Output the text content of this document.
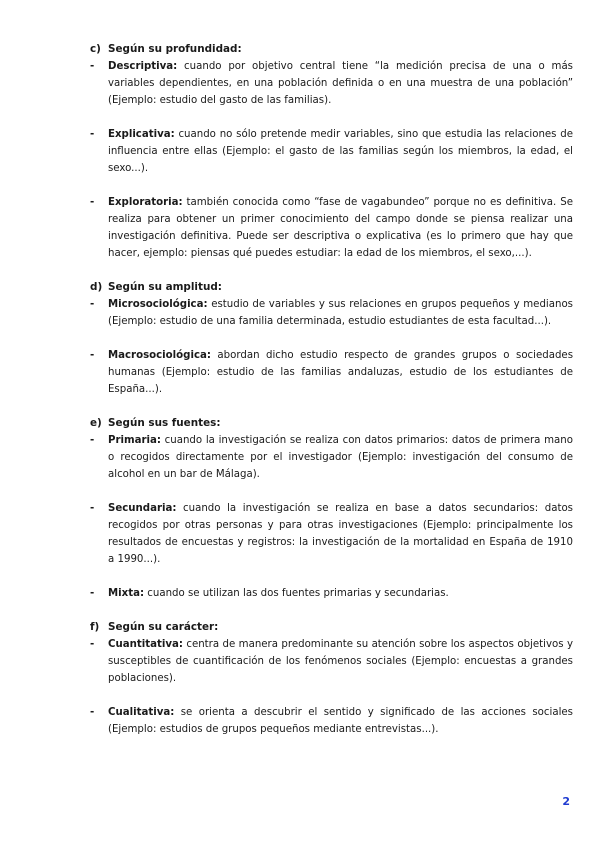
c) Según su profundidad:
-	Descriptiva: cuando por objetivo central tiene “la medición precisa de una o más variables dependientes, en una población definida o en una muestra de una población” (Ejemplo: estudio del gasto de las familias).
-	Explicativa: cuando no sólo pretende medir variables, sino que estudia las relaciones de influencia entre ellas (Ejemplo: el gasto de las familias según los miembros, la edad, el sexo...).
-	Exploratoria: también conocida como “fase de vagabundeo” porque no es definitiva. Se realiza para obtener un primer conocimiento del campo donde se piensa realizar una investigación definitiva. Puede ser descriptiva o explicativa (es lo primero que hay que hacer, ejemplo: piensas qué puedes estudiar: la edad de los miembros, el sexo,...).
d) Según su amplitud:
-	Microsociológica: estudio de variables y sus relaciones en grupos pequeños y medianos (Ejemplo: estudio de una familia determinada, estudio estudiantes de esta facultad...).
-	Macrosociológica: abordan dicho estudio respecto de grandes grupos o sociedades humanas (Ejemplo: estudio de las familias andaluzas, estudio de los estudiantes de España...).
e) Según sus fuentes:
-	Primaria: cuando la investigación se realiza con datos primarios: datos de primera mano o recogidos directamente por el investigador (Ejemplo: investigación del consumo de alcohol en un bar de Málaga).
-	Secundaria: cuando la investigación se realiza en base a datos secundarios: datos recogidos por otras personas y para otras investigaciones (Ejemplo: principalmente los resultados de encuestas y registros: la investigación de la mortalidad en España de 1910 a 1990...).
-	Mixta: cuando se utilizan las dos fuentes primarias y secundarias.
f) Según su carácter:
-	Cuantitativa: centra de manera predominante su atención sobre los aspectos objetivos y susceptibles de cuantificación de los fenómenos sociales (Ejemplo: encuestas a grandes poblaciones).
-	Cualitativa: se orienta a descubrir el sentido y significado de las acciones sociales (Ejemplo: estudios de grupos pequeños mediante entrevistas...).
2
